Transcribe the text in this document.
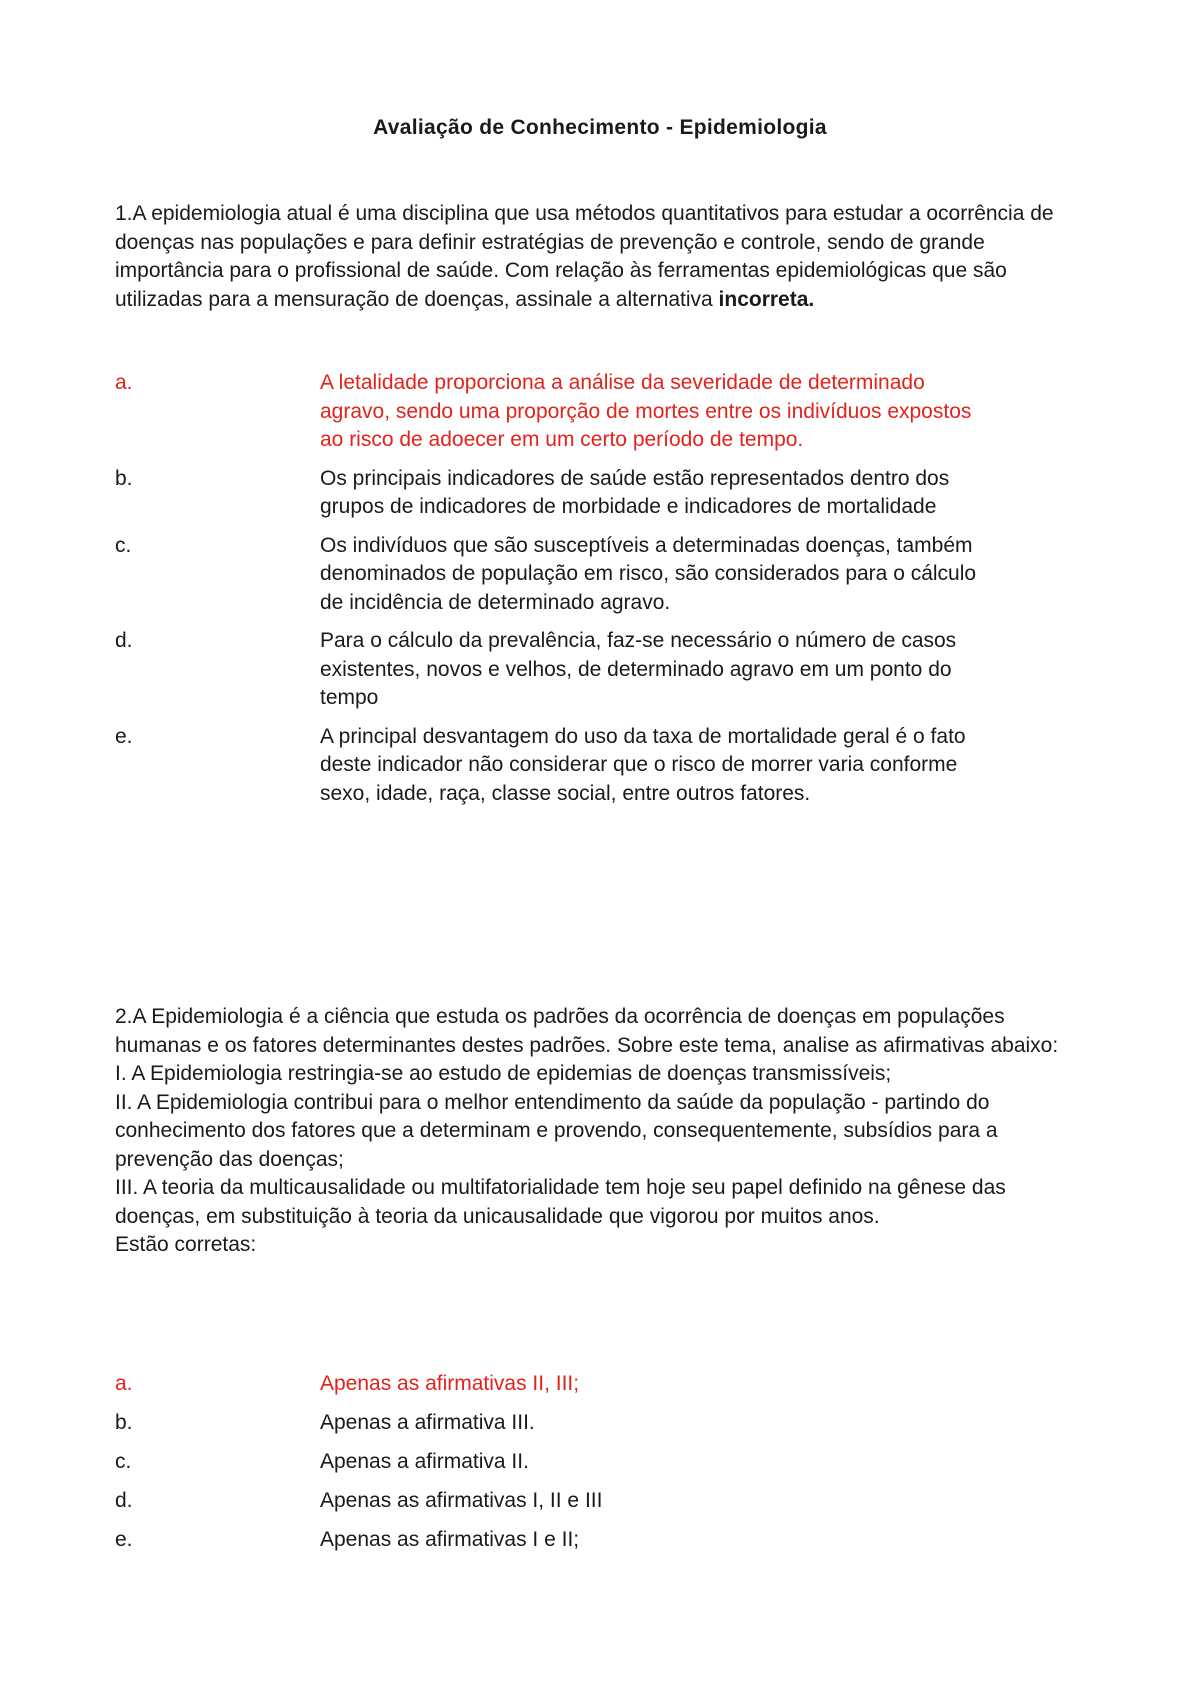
Avaliação de Conhecimento - Epidemiologia

1.A epidemiologia atual é uma disciplina que usa métodos quantitativos para estudar a ocorrência de doenças nas populações e para definir estratégias de prevenção e controle, sendo de grande importância para o profissional de saúde. Com relação às ferramentas epidemiológicas que são utilizadas para a mensuração de doenças, assinale a alternativa incorreta.

a.	A letalidade proporciona a análise da severidade de determinado agravo, sendo uma proporção de mortes entre os indivíduos expostos ao risco de adoecer em um certo período de tempo.
b.	Os principais indicadores de saúde estão representados dentro dos grupos de indicadores de morbidade e indicadores de mortalidade
c.	Os indivíduos que são susceptíveis a determinadas doenças, também denominados de população em risco, são considerados para o cálculo de incidência de determinado agravo.
d.	Para o cálculo da prevalência, faz-se necessário o número de casos existentes, novos e velhos, de determinado agravo em um ponto do tempo
e.	A principal desvantagem do uso da taxa de mortalidade geral é o fato deste indicador não considerar que o risco de morrer varia conforme sexo, idade, raça, classe social, entre outros fatores.

2.A Epidemiologia é a ciência que estuda os padrões da ocorrência de doenças em populações humanas e os fatores determinantes destes padrões. Sobre este tema, analise as afirmativas abaixo:

I. A Epidemiologia restringia-se ao estudo de epidemias de doenças transmissíveis;

II. A Epidemiologia contribui para o melhor entendimento da saúde da população - partindo do conhecimento dos fatores que a determinam e provendo, consequentemente, subsídios para a prevenção das doenças;

III. A teoria da multicausalidade ou multifatorialidade tem hoje seu papel definido na gênese das doenças, em substituição à teoria da unicausalidade que vigorou por muitos anos.

Estão corretas:

a.	Apenas as afirmativas II, III;
b.	Apenas a afirmativa III.
c.	Apenas a afirmativa II.
d.	Apenas as afirmativas I, II e III
e.	Apenas as afirmativas I e II;
